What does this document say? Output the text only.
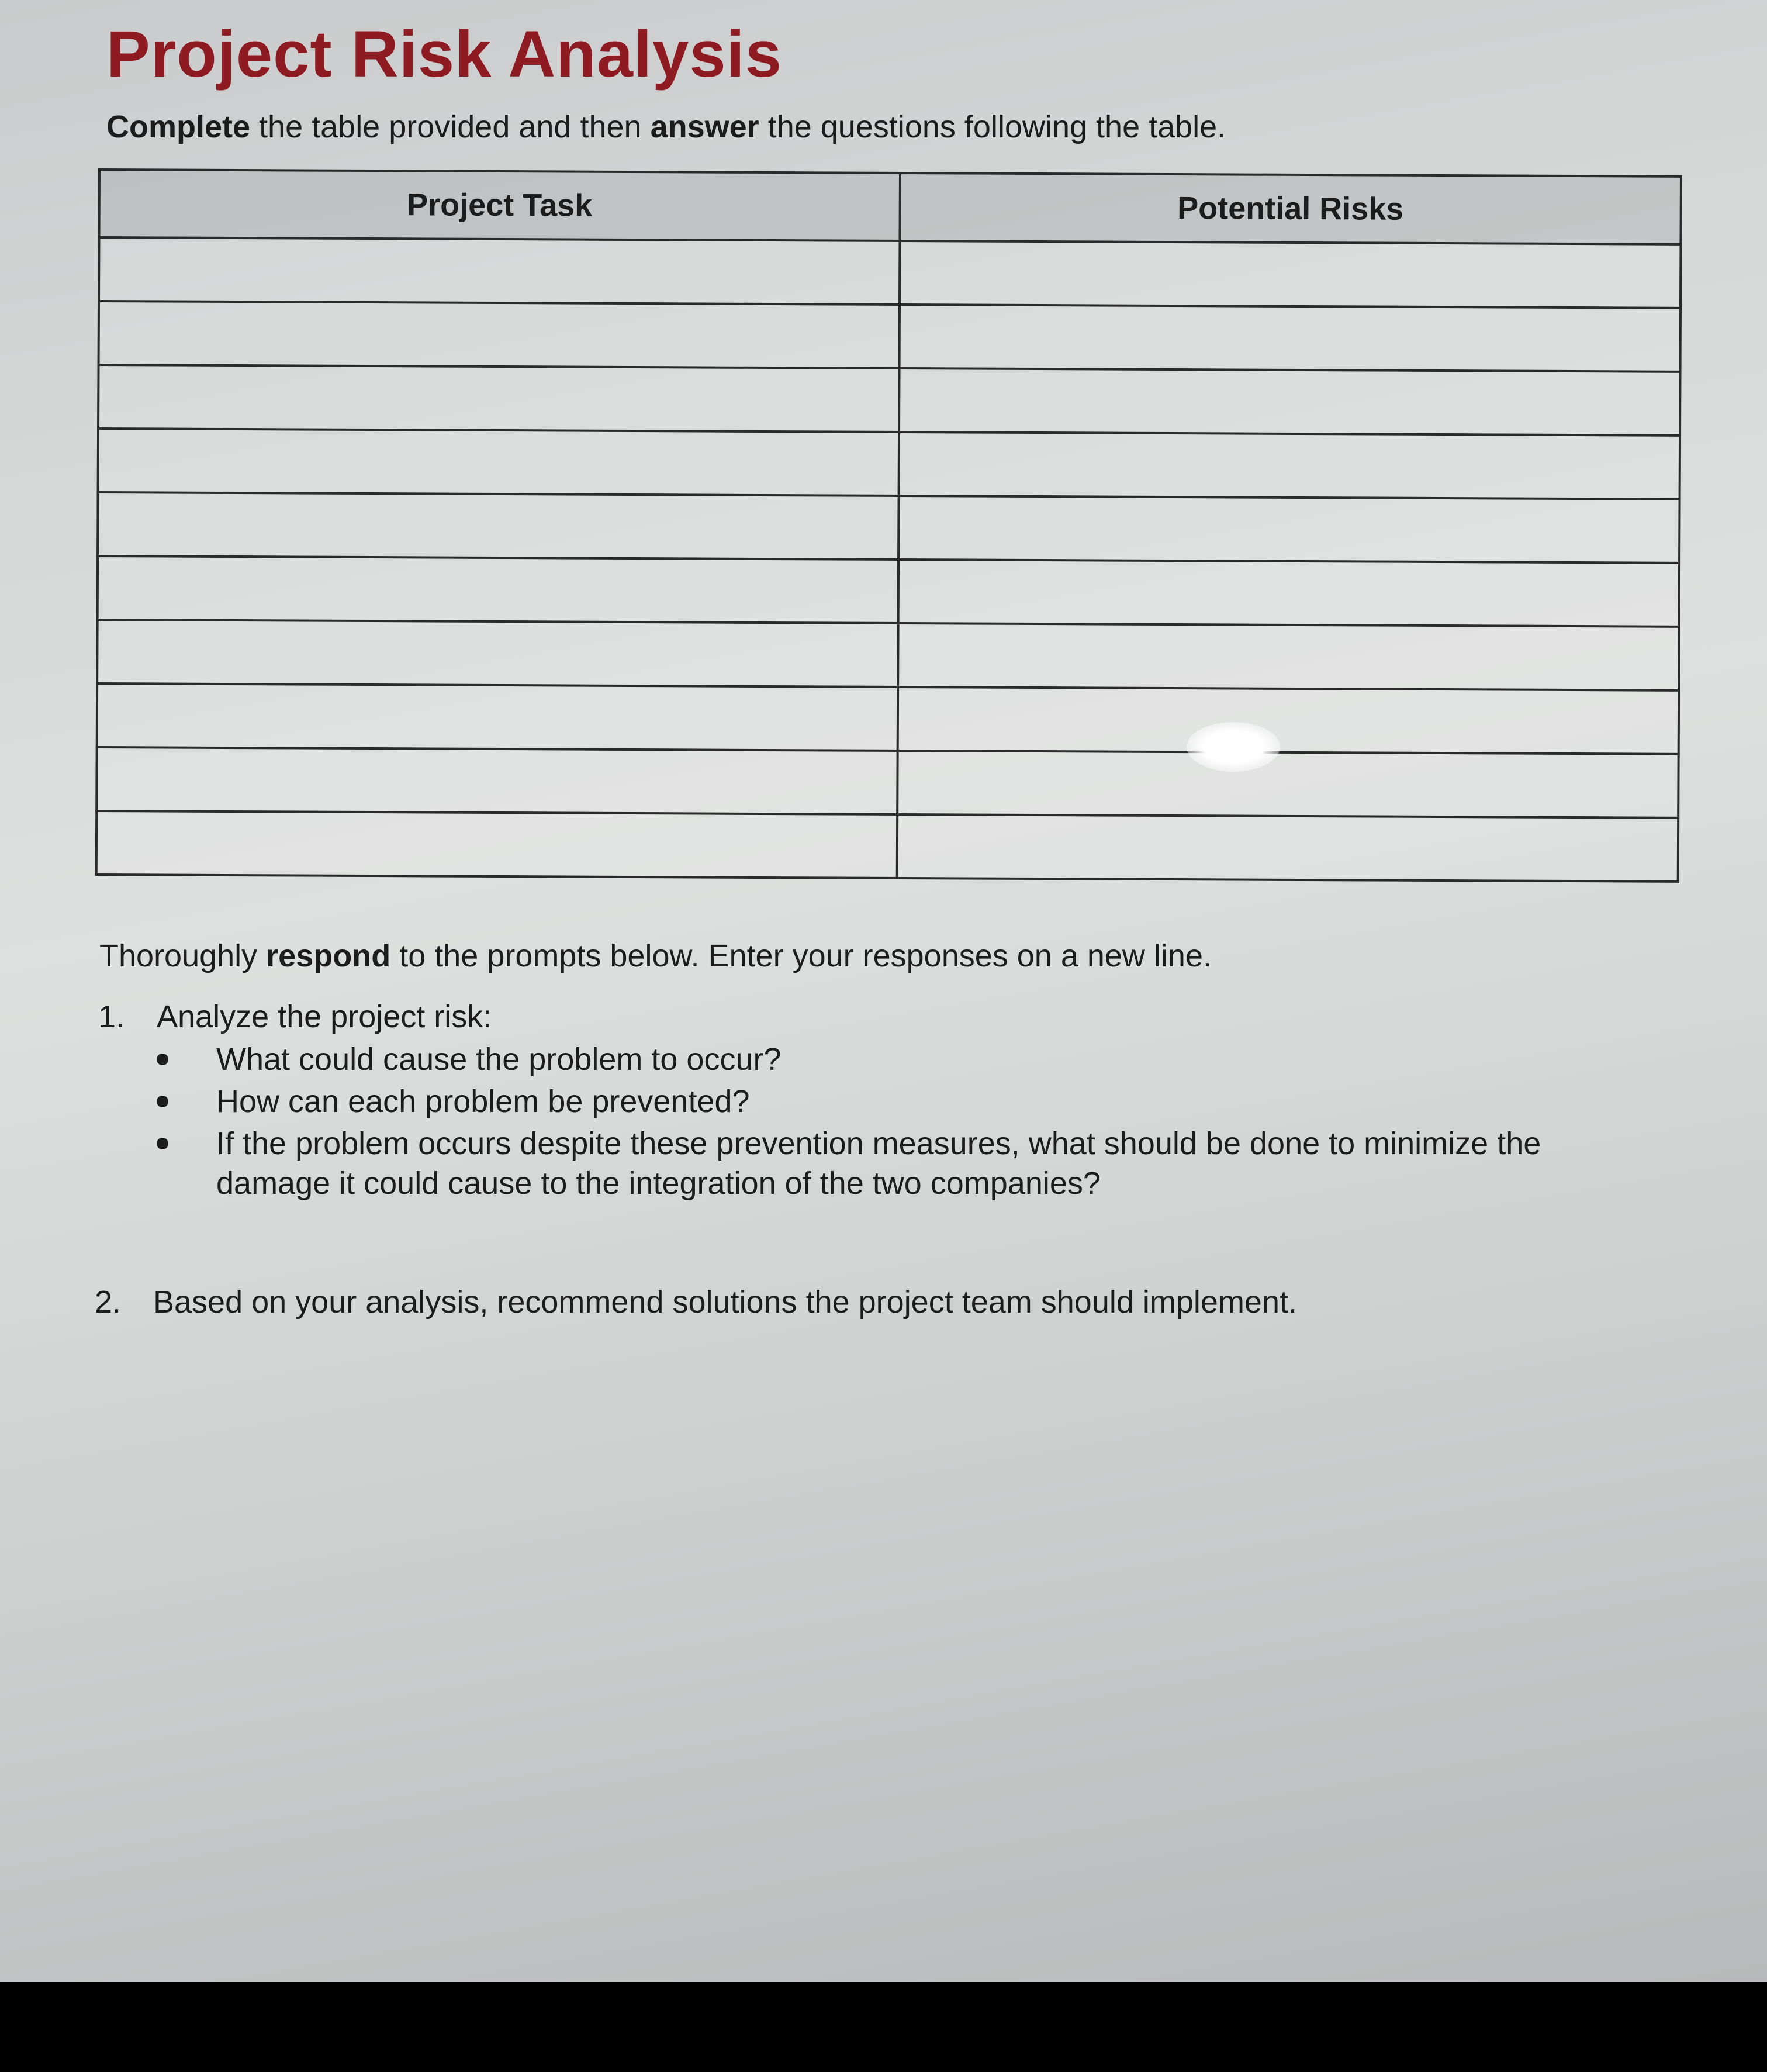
Project Risk Analysis

Complete the table provided and then answer the questions following the table.

Project Task	Potential Risks

Thoroughly respond to the prompts below. Enter your responses on a new line.

1. Analyze the project risk:
What could cause the problem to occur?
How can each problem be prevented?
If the problem occurs despite these prevention measures, what should be done to minimize the damage it could cause to the integration of the two companies?
2. Based on your analysis, recommend solutions the project team should implement.
